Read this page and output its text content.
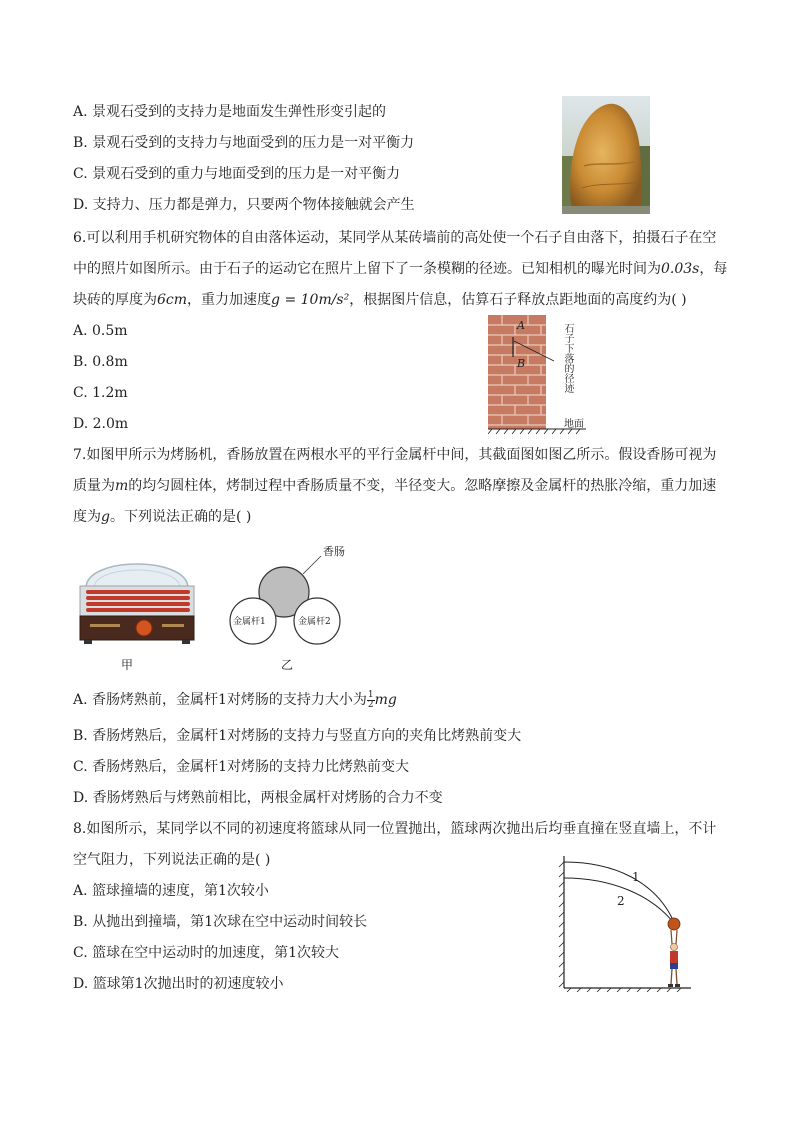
A. 景观石受到的支持力是地面发生弹性形变引起的
B. 景观石受到的支持力与地面受到的压力是一对平衡力
C. 景观石受到的重力与地面受到的压力是一对平衡力
D. 支持力、压力都是弹力，只要两个物体接触就会产生
6.可以利用手机研究物体的自由落体运动，某同学从某砖墙前的高处使一个石子自由落下，拍摄石子在空
中的照片如图所示。由于石子的运动它在照片上留下了一条模糊的径迹。已知相机的曝光时间为0.03s，每
块砖的厚度为6cm，重力加速度g = 10m/s²，根据图片信息，估算石子释放点距地面的高度约为( )
A. 0.5m
B. 0.8m
C. 1.2m
D. 2.0m
A
B	石子下落的径迹
地面
7.如图甲所示为烤肠机，香肠放置在两根水平的平行金属杆中间，其截面图如图乙所示。假设香肠可视为
质量为m的均匀圆柱体，烤制过程中香肠质量不变，半径变大。忽略摩擦及金属杆的热胀冷缩，重力加速
度为g。下列说法正确的是( )
甲
香肠
金属杆1	金属杆2
乙
A. 香肠烤熟前，金属杆1对烤肠的支持力大小为 $\frac{1}{2}$ mg
B. 香肠烤熟后，金属杆1对烤肠的支持力与竖直方向的夹角比烤熟前变大
C. 香肠烤熟后，金属杆1对烤肠的支持力比烤熟前变大
D. 香肠烤熟后与烤熟前相比，两根金属杆对烤肠的合力不变
8.如图所示，某同学以不同的初速度将篮球从同一位置抛出，篮球两次抛出后均垂直撞在竖直墙上，不计
空气阻力，下列说法正确的是( )
A. 篮球撞墙的速度，第1次较小
B. 从抛出到撞墙，第1次球在空中运动时间较长
C. 篮球在空中运动时的加速度，第1次较大
D. 篮球第1次抛出时的初速度较小
1
2
